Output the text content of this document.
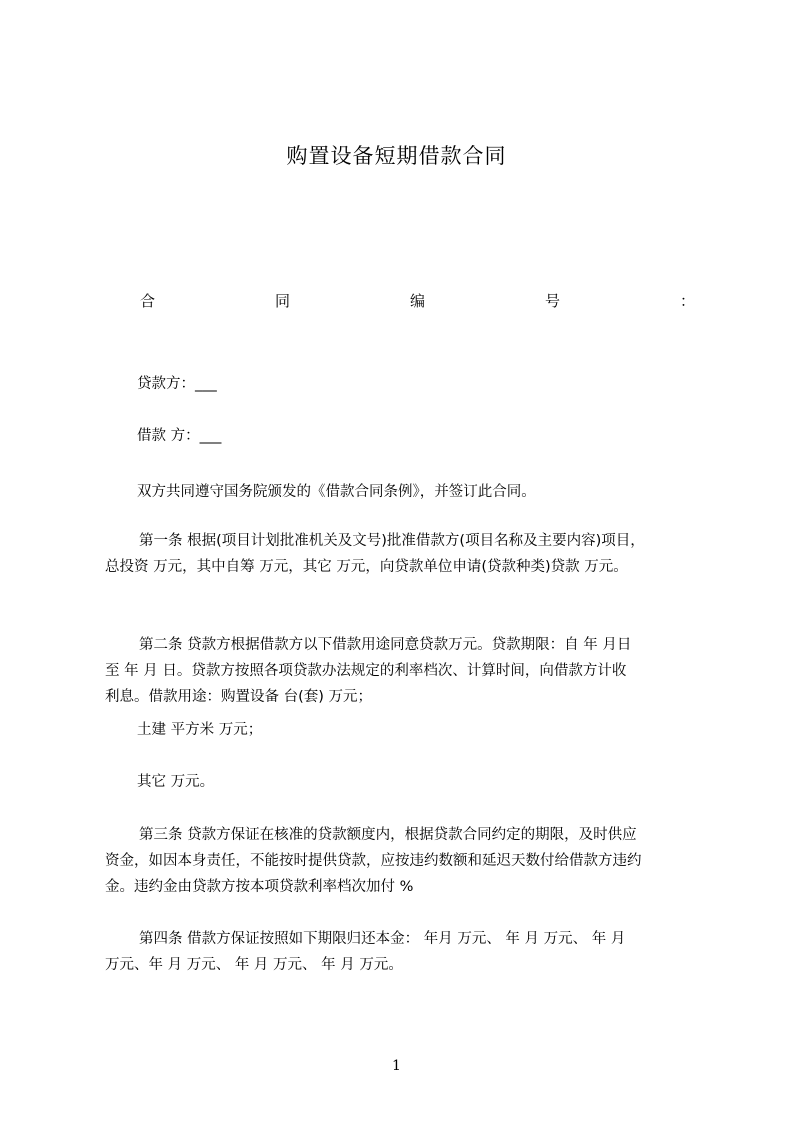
购置设备短期借款合同
合	同	编	号	：
贷款方：___
借款 方：___
双方共同遵守国务院颁发的《借款合同条例》，并签订此合同。
第一条 根据(项目计划批准机关及文号)批准借款方(项目名称及主要内容)项目，
总投资 万元，其中自筹 万元，其它 万元，向贷款单位申请(贷款种类)贷款 万元。
第二条 贷款方根据借款方以下借款用途同意贷款万元。贷款期限：自 年 月日
至 年 月 日。贷款方按照各项贷款办法规定的利率档次、计算时间，向借款方计收
利息。借款用途：购置设备 台(套) 万元；
土建 平方米 万元；
其它 万元。
第三条 贷款方保证在核准的贷款额度内，根据贷款合同约定的期限，及时供应
资金，如因本身责任，不能按时提供贷款，应按违约数额和延迟天数付给借款方违约
金。违约金由贷款方按本项贷款利率档次加付 %
第四条 借款方保证按照如下期限归还本金： 年月 万元、 年 月 万元、 年 月
万元、年 月 万元、 年 月 万元、 年 月 万元。
1
